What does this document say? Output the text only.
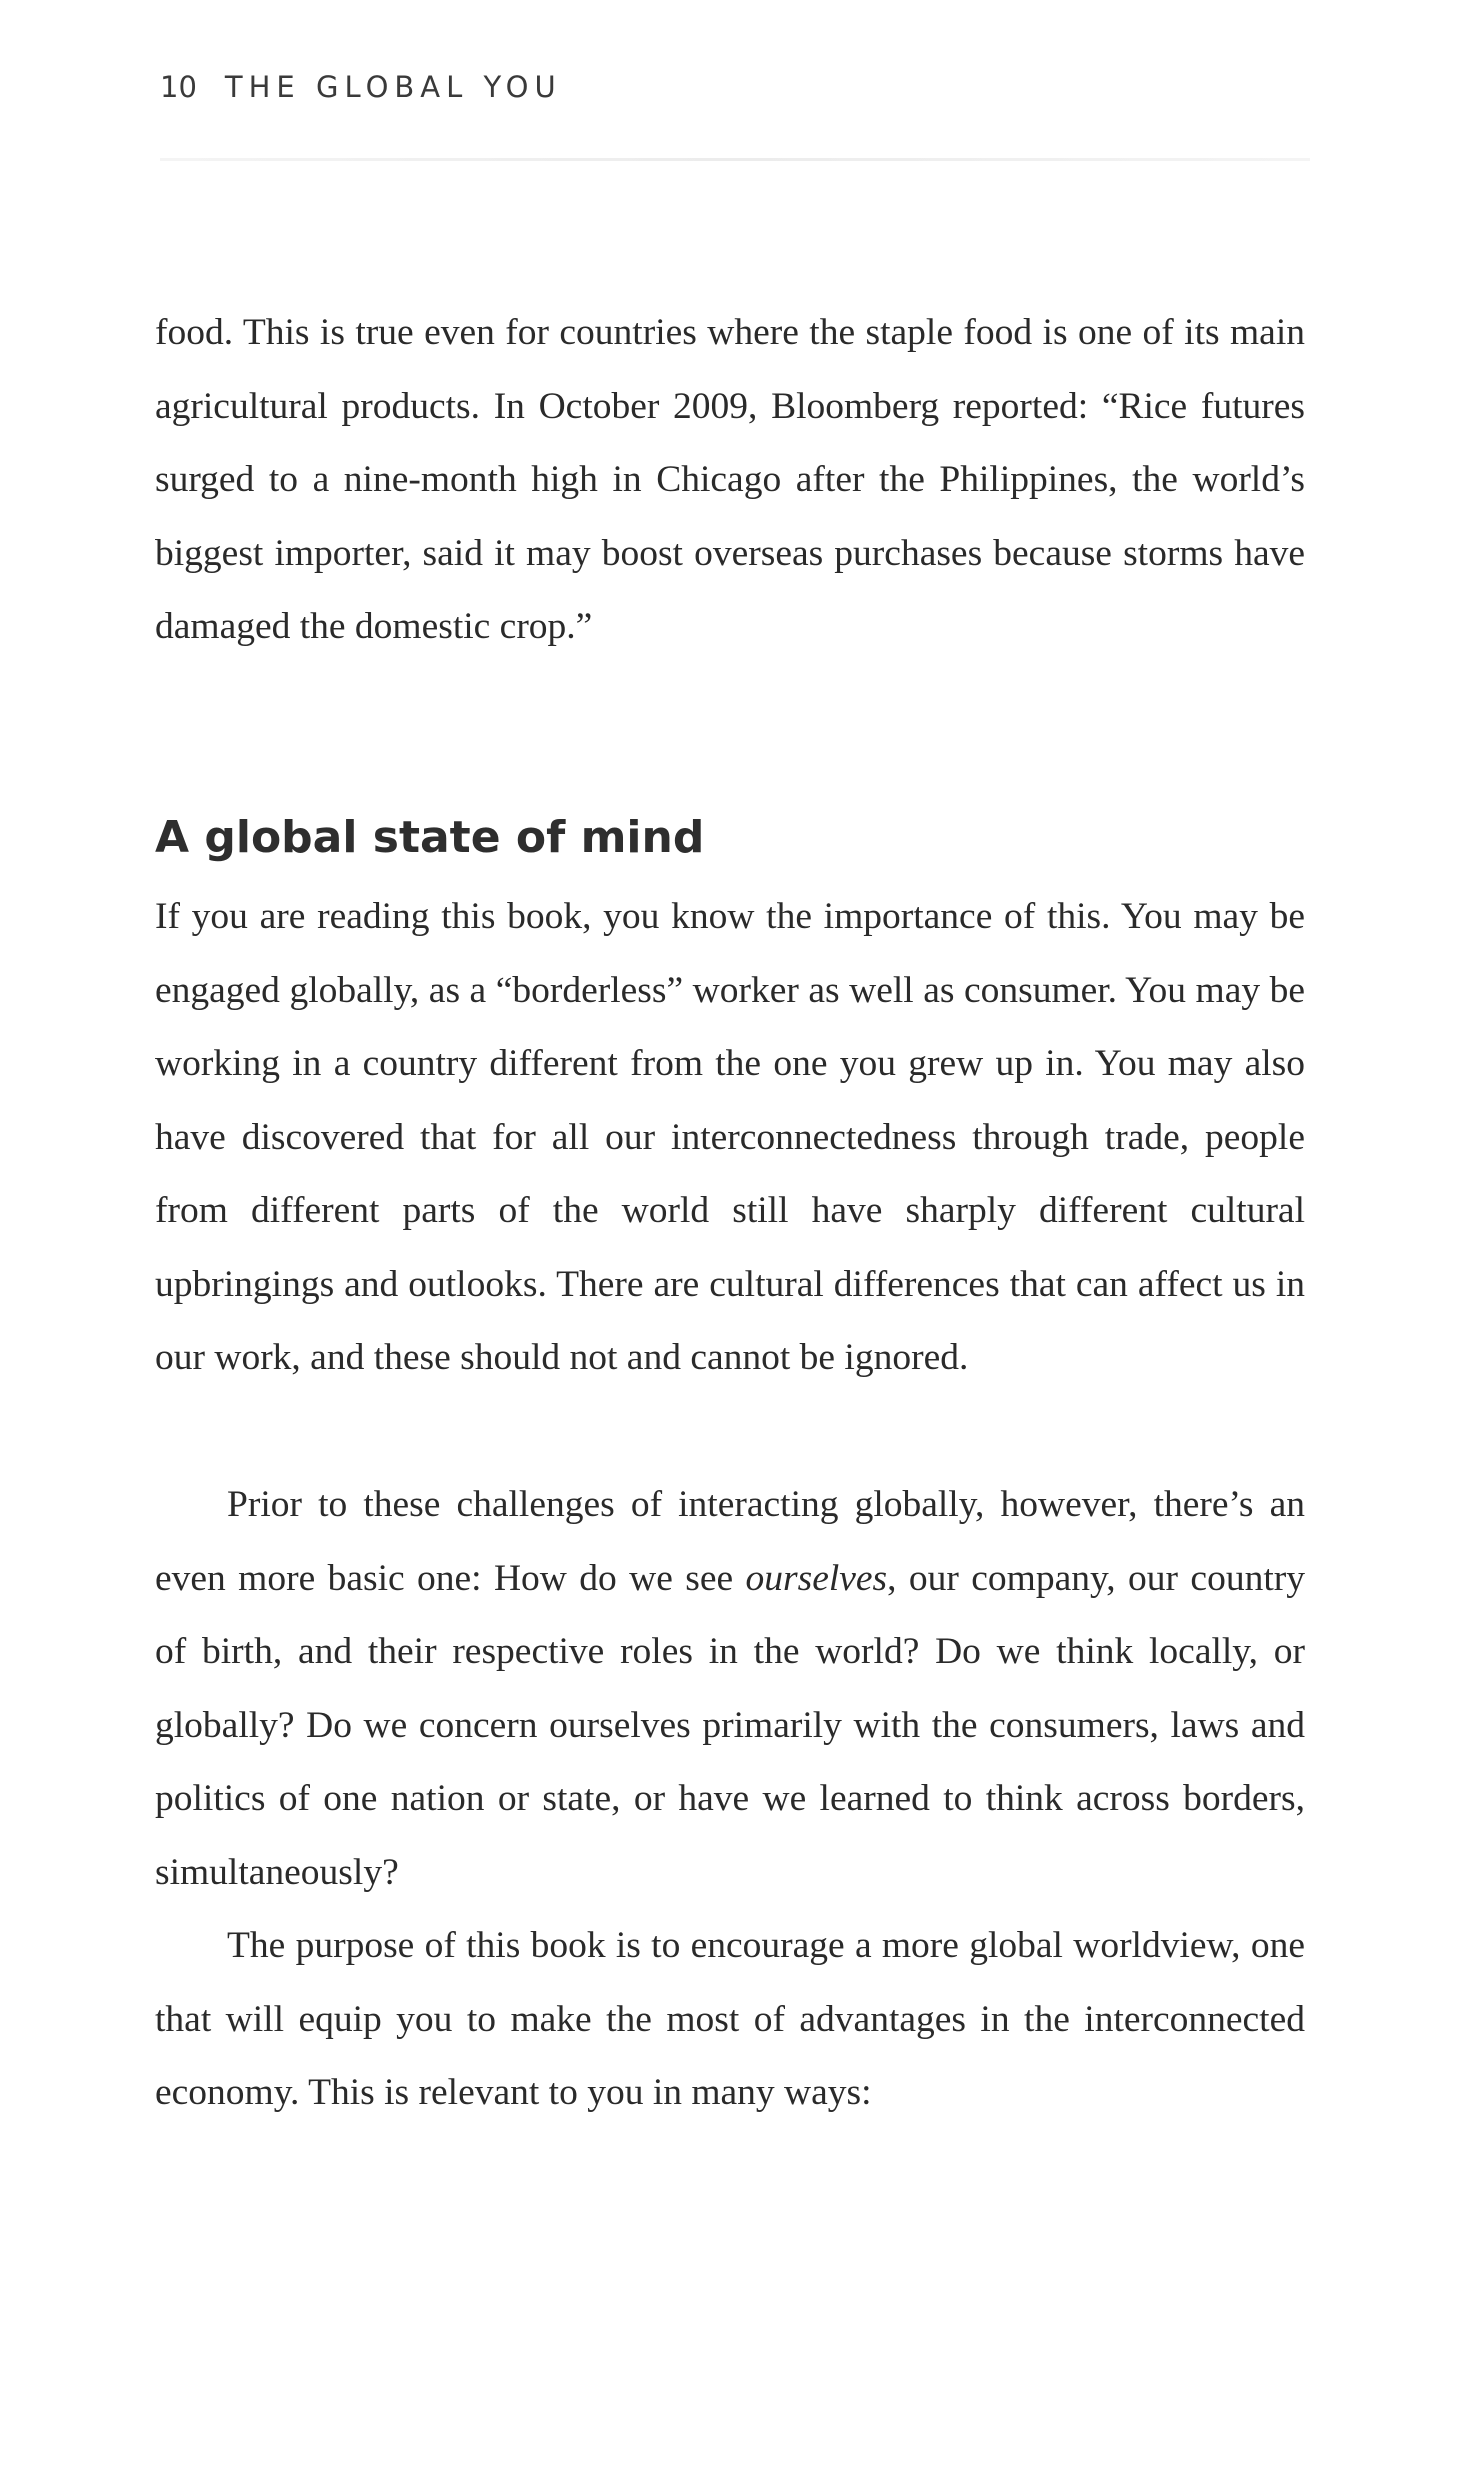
10 THE GLOBAL YOU

food. This is true even for countries where the staple food is one of its main agricultural products. In October 2009, Bloomberg reported: “Rice futures surged to a nine-month high in Chicago after the Philippines, the world’s biggest importer, said it may boost overseas purchases because storms have damaged the domestic crop.”

A global state of mind

If you are reading this book, you know the importance of this. You may be engaged globally, as a “borderless” worker as well as consumer. You may be working in a country different from the one you grew up in. You may also have discovered that for all our interconnectedness through trade, people from different parts of the world still have sharply different cultural upbringings and outlooks. There are cultural differences that can affect us in our work, and these should not and cannot be ignored.

Prior to these challenges of interacting globally, however, there’s an even more basic one: How do we see ourselves, our company, our country of birth, and their respective roles in the world? Do we think locally, or globally? Do we concern ourselves primarily with the consumers, laws and politics of one nation or state, or have we learned to think across borders, simultaneously?

The purpose of this book is to encourage a more global worldview, one that will equip you to make the most of advantages in the interconnected economy. This is relevant to you in many ways:
